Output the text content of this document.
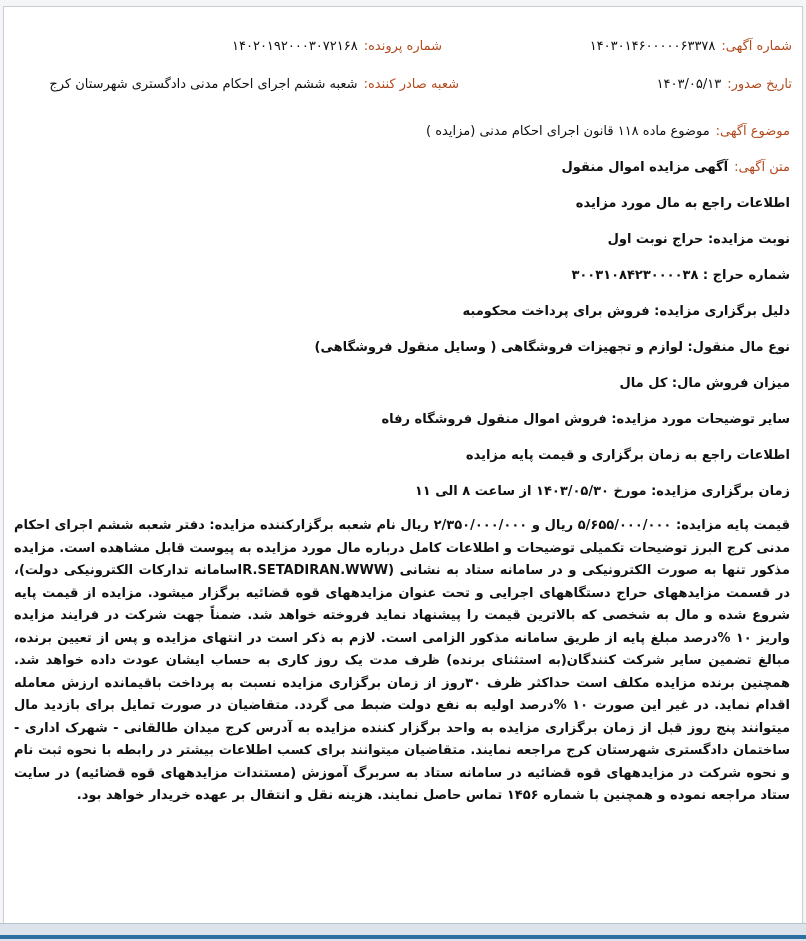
شماره آگهی:۱۴۰۳۰۱۴۶۰۰۰۰۰۶۳۳۷۸
شماره پرونده:۱۴۰۲۰۱۹۲۰۰۰۳۰۷۲۱۶۸
تاریخ صدور:۱۴۰۳/۰۵/۱۳
شعبه صادر کننده:شعبه ششم اجرای احکام مدنی دادگستری شهرستان کرج
موضوع آگهی:موضوع ماده ۱۱۸ قانون اجرای احکام مدنی (مزایده )
متن آگهی:آگهی مزایده اموال منقول
اطلاعات راجع به مال مورد مزایده
نوبت مزایده: حراج نوبت اول
شماره حراج : ۳۰۰۳۱۰۸۴۲۳۰۰۰۰۳۸
دلیل برگزاری مزایده: فروش برای پرداخت محکومبه
نوع مال منقول: لوازم و تجهیزات فروشگاهی ( وسایل منقول فروشگاهی)
میزان فروش مال: کل مال
سایر توضیحات مورد مزایده: فروش اموال منقول فروشگاه رفاه
اطلاعات راجع به زمان برگزاری و قیمت پایه مزایده
زمان برگزاری مزایده: مورخ ۱۴۰۳/۰۵/۳۰ از ساعت ۸ الی ۱۱
قیمت پایه مزایده: ۵/۶۵۵/۰۰۰/۰۰۰ ریال و ۲/۳۵۰/۰۰۰/۰۰۰ ریال نام شعبه برگزارکننده مزایده: دفتر شعبه ششم اجرای احکام مدنی کرج البرز توضیحات تکمیلی توضیحات و اطلاعات کامل درباره مال مورد مزایده به پیوست قابل مشاهده است. مزایده مذکور تنها به صورت الکترونیکی و در سامانه ستاد به نشانی (IR.SETADIRAN.WWWسامانه تدارکات الکترونیکی دولت)، در قسمت مزایدههای حراج دستگاههای اجرایی و تحت عنوان مزایدههای قوه قضائیه برگزار میشود. مزایده از قیمت پایه شروع شده و مال به شخصی که بالاترین قیمت را پیشنهاد نماید فروخته خواهد شد. ضمناً جهت شرکت در فرایند مزایده واریز ۱۰ %درصد مبلغ پایه از طریق سامانه مذکور الزامی است. لازم به ذکر است در انتهای مزایده و پس از تعیین برنده، مبالغ تضمین سایر شرکت کنندگان(به استثنای برنده) ظرف مدت یک روز کاری به حساب ایشان عودت داده خواهد شد. همچنین برنده مزایده مکلف است حداکثر ظرف ۳۰روز از زمان برگزاری مزایده نسبت به پرداخت باقیمانده ارزش معامله اقدام نماید. در غیر این صورت ۱۰ %درصد اولیه به نفع دولت ضبط می گردد. متقاضیان در صورت تمایل برای بازدید مال میتوانند پنج روز قبل از زمان برگزاری مزایده به واحد برگزار کننده مزایده به آدرس کرج میدان طالقانی - شهرک اداری - ساختمان دادگستری شهرستان کرج مراجعه نمایند. متقاضیان میتوانند برای کسب اطلاعات بیشتر در رابطه با نحوه ثبت نام و نحوه شرکت در مزایدههای قوه قضائیه در سامانه ستاد به سربرگ آموزش (مستندات مزایدههای قوه قضائیه) در سایت ستاد مراجعه نموده و همچنین با شماره ۱۴۵۶ تماس حاصل نمایند. هزینه نقل و انتقال بر عهده خریدار خواهد بود.
